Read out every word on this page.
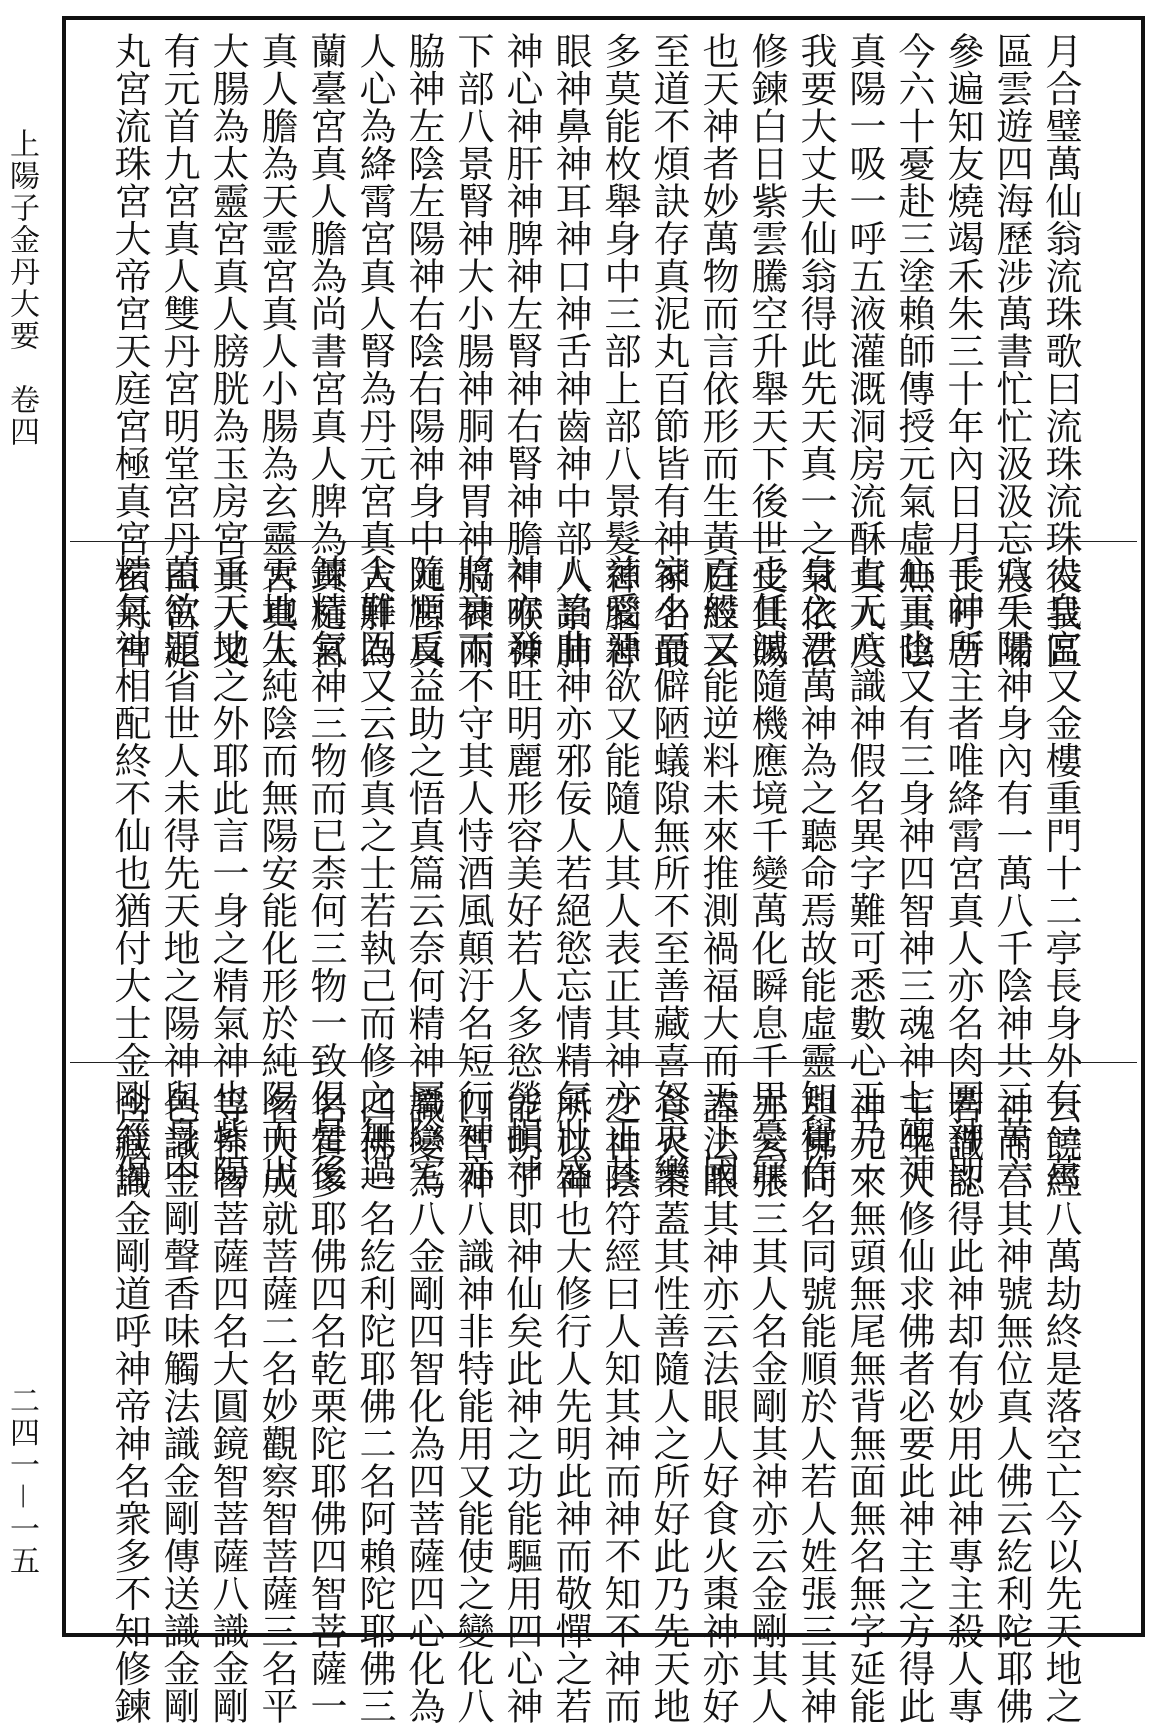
上陽子金丹大要　卷四
二四一－一五
月合璧萬仙翁流珠歌曰流珠流珠役我區
區雲遊四海歷涉萬書忙忙汲汲忘寢失哺
參遍知友燒竭禾朱三十年內日月長吁吾
今六十憂赴三塗賴師傳授元氣虛無真陰
真陽一吸一呼五液灌溉洞房流酥真人度
我要大丈夫仙翁得此先天真一之氣依法
修鍊白日紫雲騰空升舉天下後世受其賜
也天神者妙萬物而言依形而生黃庭經云
至道不煩訣存真泥丸百節皆有神神名最
多莫能枚舉身中三部上部八景髮神腦神
眼神鼻神耳神口神舌神齒神中部八景肺
神心神肝神脾神左腎神右腎神膽神喉神
下部八景腎神大小腸神胴神胃神膈神兩
脇神左陰左陽神右陰右陽神身中九宮真
人心為絳霄宮真人腎為丹元宮真人肝為
蘭臺宮真人膽為尚書宮真人脾為黃庭宮
真人膽為天霊宮真人小腸為玄靈宮真人
大腸為太靈宮真人膀胱為玉房宮真人又
有元首九宮真人雙丹宮明堂宮丹田宮泥
丸宮流珠宮大帝宮天庭宮極真宮玄丹宮
太皇宮又金樓重門十二亭長身外有一萬
八千陽神身內有一萬八千陰神共三萬六
千神所主者唯絳霄宮真人亦名肉團神即
心王也又有三身神四智神三魂神七魄神
七元八識神假名異字難可悉數心王乃一
身之君萬神為之聽命焉故能虛靈知覺作
止任滅隨機應境千變萬化瞬息千里憂寐
百般又能逆料未來推測禍福大而天下國
家小而僻陋蟻隙無所不至善藏喜怒哀樂
慈愛惡欲又能隨人其人表正其神亦正其
人諂曲神亦邪佞人若絕慾忘情精氣壯盛
神亦發旺明麗形容美好若人多慾勞損神
將衰而不守其人恃酒風顛汙名短行神亦
隨順反益助之悟真篇云奈何精神屬陰宅
舍難固又云修真之士若執己而修之無過
鍊精氣神三物而已柰何三物一致俱是後
天地生純陰而無陽安能化形於純陽而出
乎天地之外耶此言一身之精氣神也紫陽
蓋欲題省世人未得先天地之陽神與身中
精氣神相配終不仙也猶付大士金剛經偈
云饒經八萬劫終是落空亡今以先天地之
神而言其神號無位真人佛云紇利陀耶佛
若識認得此神却有妙用此神專主殺人專
主生人修仙求佛者必要此神主之方得此
神元來無頭無尾無背無面無名無字延能
與佛同名同號能順於人若人姓張三其神
亦云張三其人名金剛其神亦云金剛其人
諱法眼其神亦云法眼人好食火棗神亦好
食火棗蓋其性善隨人之所好此乃先天地
之神陰符經曰人知其神而神不知不神而
所以神也大修行人先明此神而敬憚之若
能明了即神仙矣此神之功能驅用四心神
四智神八識神非特能用又能使之變化八
識變為八金剛四智化為四菩薩四心化為
四佛一名紇利陀耶佛二名阿賴陀耶佛三
名質多耶佛四名乾栗陀耶佛四智菩薩一
名大成就菩薩二名妙觀察智菩薩三名平
等性智菩薩四名大圓鏡智菩薩八識金剛
色識金剛聲香味觸法識金剛傳送識金剛
含藏識金剛道呼神帝神名衆多不知修鍊
